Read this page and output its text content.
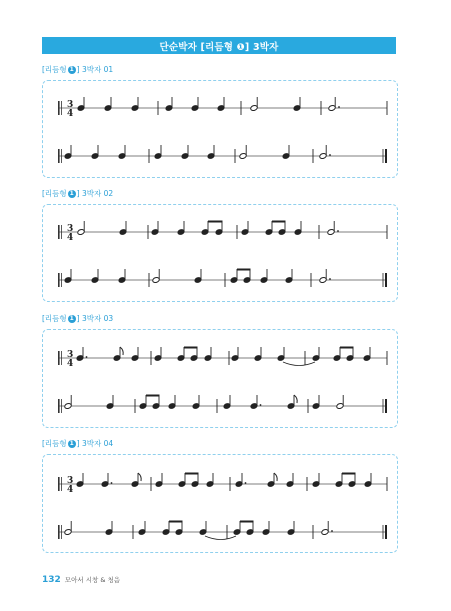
단순박자 [리듬형 ❶] 3박자
[리듬형 1 ] 3박자 01
3
4
[리듬형 1 ] 3박자 02
3
4
[리듬형 1 ] 3박자 03
3
4
[리듬형 1 ] 3박자 04
3
4
132 모아서 시창 & 청음
